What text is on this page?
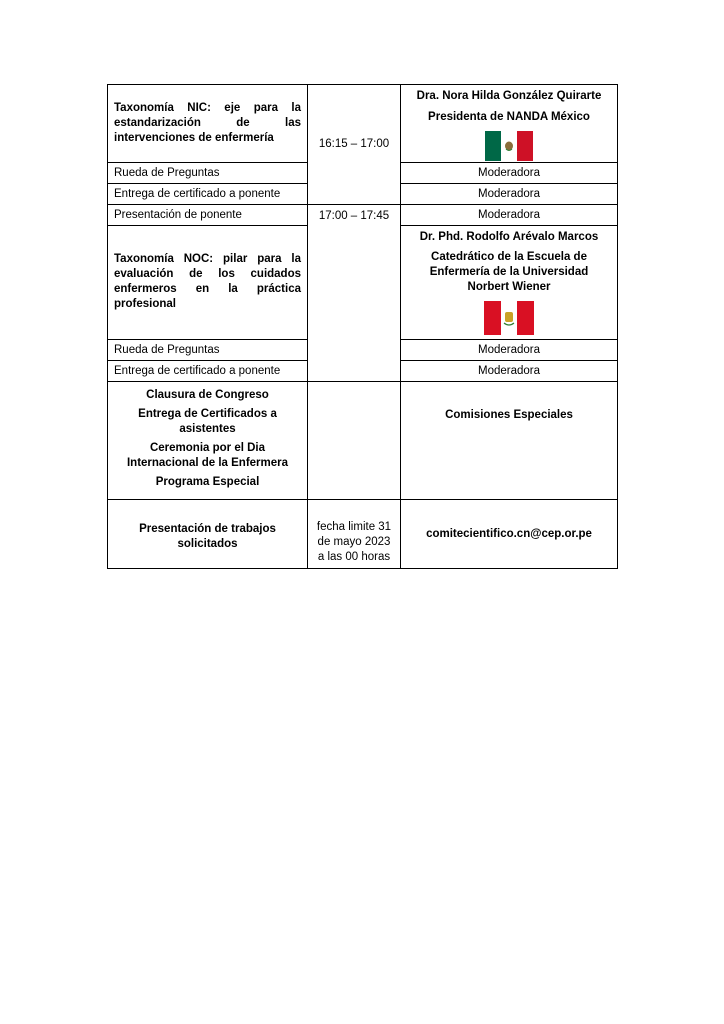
Taxonomía NIC: eje para la estandarización de las intervenciones de enfermería	16:15 – 17:00	Dra. Nora Hilda González Quirarte
Presidenta de NANDA México

Rueda de Preguntas		Moderadora
Entrega de certificado a ponente		Moderadora
Presentación de ponente	17:00 – 17:45	Moderadora
Taxonomía NOC: pilar para la evaluación de los cuidados enfermeros en la práctica profesional		Dr. Phd. Rodolfo Arévalo Marcos
Catedrático de la Escuela de Enfermería de la Universidad Norbert Wiener

Rueda de Preguntas		Moderadora
Entrega de certificado a ponente		Moderadora

Clausura de Congreso

Entrega de Certificados a asistentes

Ceremonia por el Dia Internacional de la Enfermera

Programa Especial		Comisiones Especiales
Presentación de trabajos solicitados	fecha limite 31 de mayo 2023 a las 00 horas	comitecientifico.cn@cep.or.pe
